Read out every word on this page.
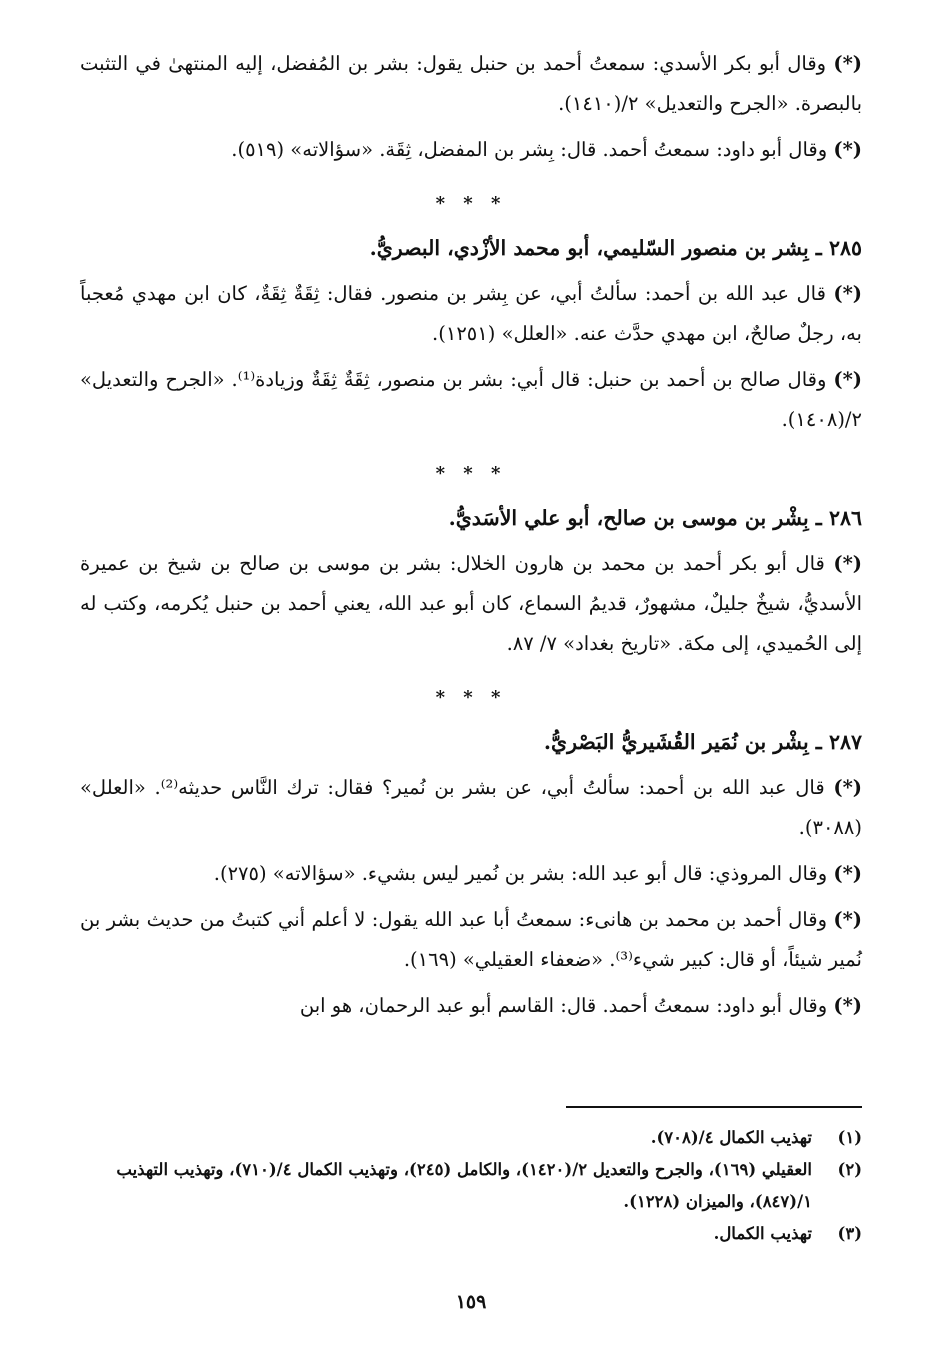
(*) وقال أبو بكر الأسدي: سمعتُ أحمد بن حنبل يقول: بشر بن المُفضل، إليه المنتهىٰ في التثبت بالبصرة. «الجرح والتعديل» ٢/(١٤١٠).
(*) وقال أبو داود: سمعتُ أحمد. قال: بِشر بن المفضل، ثِقَة. «سؤالاته» (٥١٩).
* * *
٢٨٥ ـ بِشر بن منصور السّليمي، أبو محمد الأزْدي، البصريُّ.
(*) قال عبد الله بن أحمد: سألتُ أبي، عن بِشر بن منصور. فقال: ثِقَةٌ ثِقَةٌ، كان ابن مهدي مُعجباً به، رجلٌ صالحٌ، ابن مهدي حدَّث عنه. «العلل» (١٢٥١).
(*) وقال صالح بن أحمد بن حنبل: قال أبي: بشر بن منصور، ثِقَةٌ ثِقَةٌ وزيادة⁽¹⁾. «الجرح والتعديل» ٢/(١٤٠٨).
* * *
٢٨٦ ـ بِشْر بن موسى بن صالح، أبو علي الأسَديُّ.
(*) قال أبو بكر أحمد بن محمد بن هارون الخلال: بشر بن موسى بن صالح بن شيخ بن عميرة الأسديُّ، شيخٌ جليلٌ، مشهورٌ، قديمُ السماع، كان أبو عبد الله، يعني أحمد بن حنبل يُكرمه، وكتب له إلى الحُميدي، إلى مكة. «تاريخ بغداد» ٧/ ٨٧.
* * *
٢٨٧ ـ بِشْر بن نُمَير القُشَيريُّ البَصْريُّ.
(*) قال عبد الله بن أحمد: سألتُ أبي، عن بشر بن نُمير؟ فقال: ترك النَّاس حديثه⁽²⁾. «العلل» (٣٠٨٨).
(*) وقال المروذي: قال أبو عبد الله: بشر بن نُمير ليس بشيء. «سؤالاته» (٢٧٥).
(*) وقال أحمد بن محمد بن هانىء: سمعتُ أبا عبد الله يقول: لا أعلم أني كتبتُ من حديث بشر بن نُمير شيئاً، أو قال: كبير شيء⁽³⁾. «ضعفاء العقيلي» (١٦٩).
(*) وقال أبو داود: سمعتُ أحمد. قال: القاسم أبو عبد الرحمان، هو ابن
(١)
تهذيب الكمال ٤/(٧٠٨).
(٢)
العقيلي (١٦٩)، والجرح والتعديل ٢/(١٤٢٠)، والكامل (٢٤٥)، وتهذيب الكمال ٤/(٧١٠)، وتهذيب التهذيب ١/(٨٤٧)، والميزان (١٢٢٨).
(٣)
تهذيب الكمال.
١٥٩
